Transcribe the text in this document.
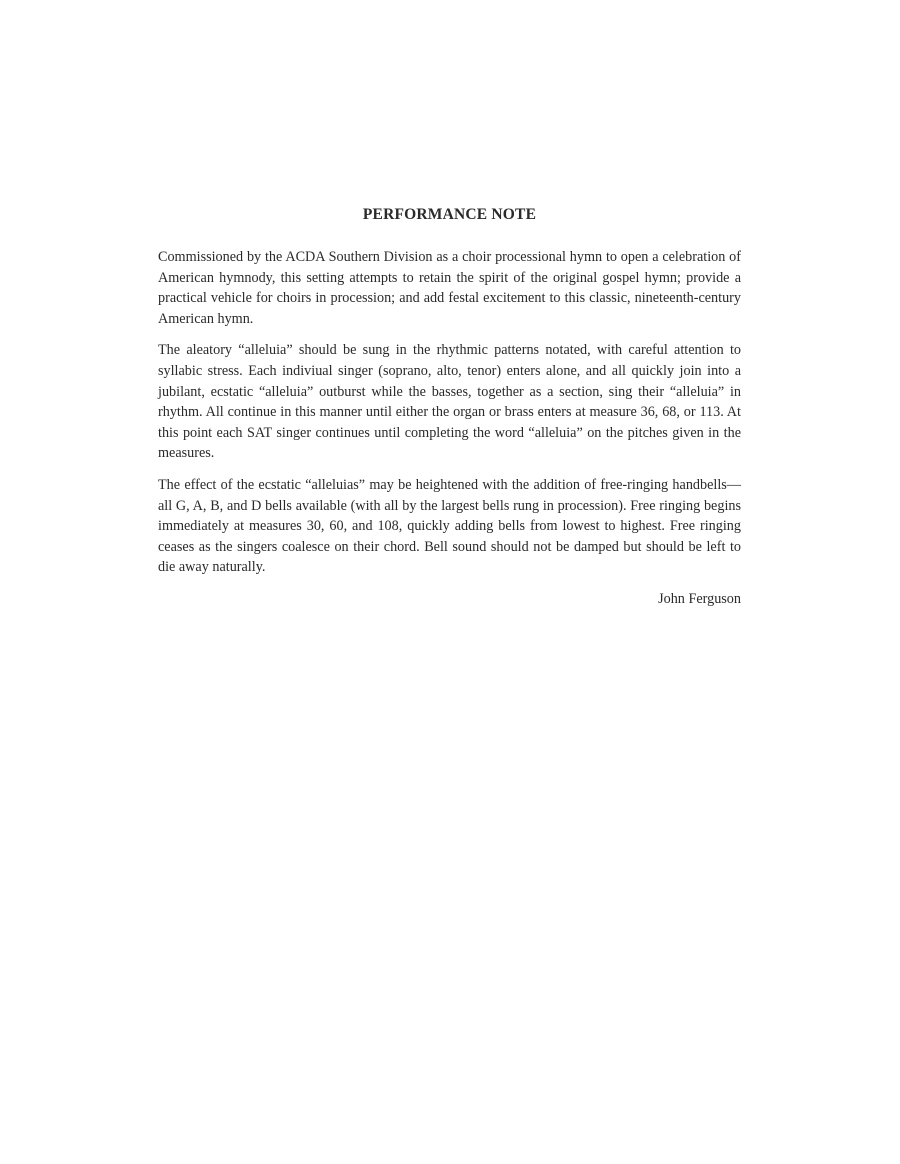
PERFORMANCE NOTE

Commissioned by the ACDA Southern Division as a choir processional hymn to open a celebration of American hymnody, this setting attempts to retain the spirit of the original gospel hymn; provide a practical vehicle for choirs in procession; and add festal excitement to this classic, nineteenth-century American hymn.

The aleatory “alleluia” should be sung in the rhythmic patterns notated, with careful attention to syllabic stress. Each indiviual singer (soprano, alto, tenor) enters alone, and all quickly join into a jubilant, ecstatic “alleluia” outburst while the basses, together as a section, sing their “alleluia” in rhythm. All continue in this manner until either the organ or brass enters at measure 36, 68, or 113. At this point each SAT singer continues until completing the word “alleluia” on the pitches given in the measures.

The effect of the ecstatic “alleluias” may be heightened with the addition of free-ringing handbells—all G, A, B, and D bells available (with all by the largest bells rung in procession). Free ringing begins immediately at measures 30, 60, and 108, quickly adding bells from lowest to highest. Free ringing ceases as the singers coalesce on their chord. Bell sound should not be damped but should be left to die away naturally.

John Ferguson
